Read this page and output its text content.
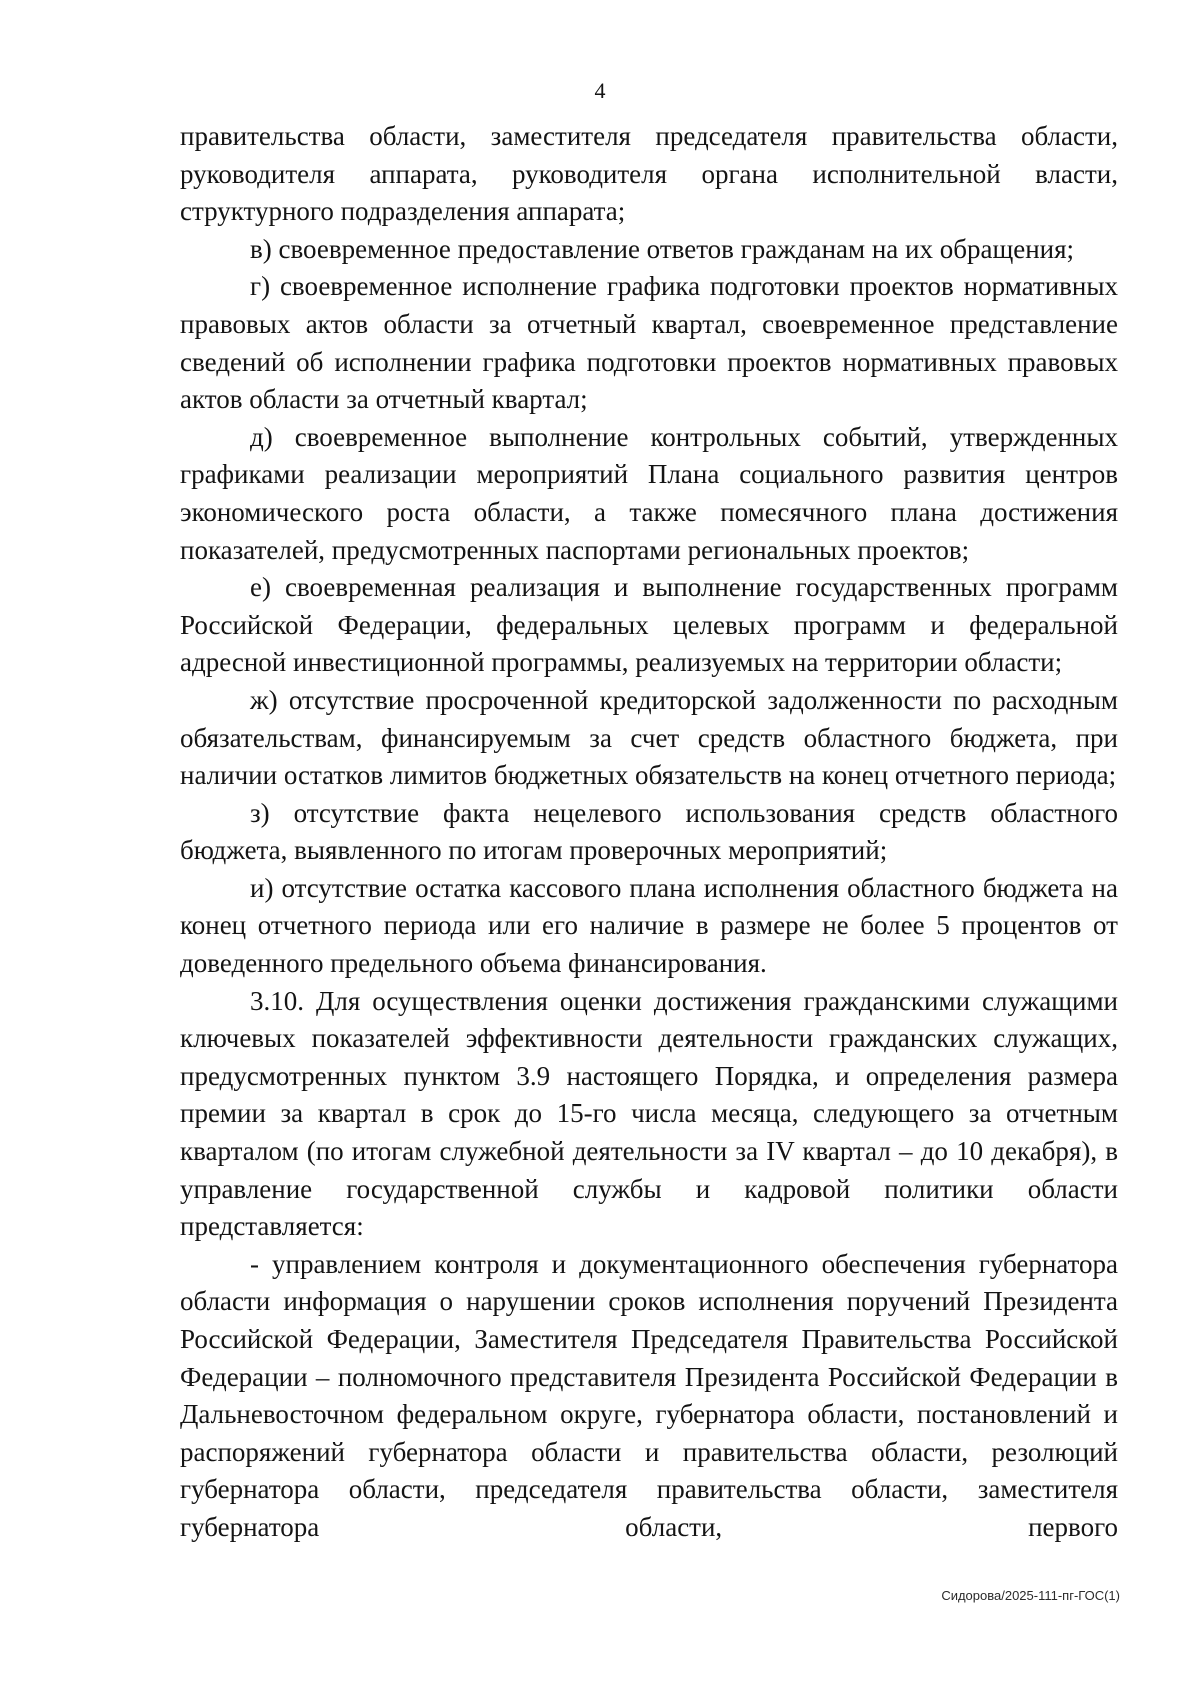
4

правительства области, заместителя председателя правительства области, руководителя аппарата, руководителя органа исполнительной власти, структурного подразделения аппарата;

в) своевременное предоставление ответов гражданам на их обращения;

г) своевременное исполнение графика подготовки проектов нормативных правовых актов области за отчетный квартал, своевременное представление сведений об исполнении графика подготовки проектов нормативных правовых актов области за отчетный квартал;

д) своевременное выполнение контрольных событий, утвержденных графиками реализации мероприятий Плана социального развития центров экономического роста области, а также помесячного плана достижения показателей, предусмотренных паспортами региональных проектов;

е) своевременная реализация и выполнение государственных программ Российской Федерации, федеральных целевых программ и федеральной адресной инвестиционной программы, реализуемых на территории области;

ж) отсутствие просроченной кредиторской задолженности по расходным обязательствам, финансируемым за счет средств областного бюджета, при наличии остатков лимитов бюджетных обязательств на конец отчетного периода;

з) отсутствие факта нецелевого использования средств областного бюджета, выявленного по итогам проверочных мероприятий;

и) отсутствие остатка кассового плана исполнения областного бюджета на конец отчетного периода или его наличие в размере не более 5 процентов от доведенного предельного объема финансирования.

3.10. Для осуществления оценки достижения гражданскими служащими ключевых показателей эффективности деятельности гражданских служащих, предусмотренных пунктом 3.9 настоящего Порядка, и определения размера премии за квартал в срок до 15-го числа месяца, следующего за отчетным кварталом (по итогам служебной деятельности за IV квартал – до 10 декабря), в управление государственной службы и кадровой политики области представляется:

- управлением контроля и документационного обеспечения губернатора области информация о нарушении сроков исполнения поручений Президента Российской Федерации, Заместителя Председателя Правительства Российской Федерации – полномочного представителя Президента Российской Федерации в Дальневосточном федеральном округе, губернатора области, постановлений и распоряжений губернатора области и правительства области, резолюций губернатора области, председателя правительства области, заместителя губернатора области, первого

Сидорова/2025-111-пг-ГОС(1)
